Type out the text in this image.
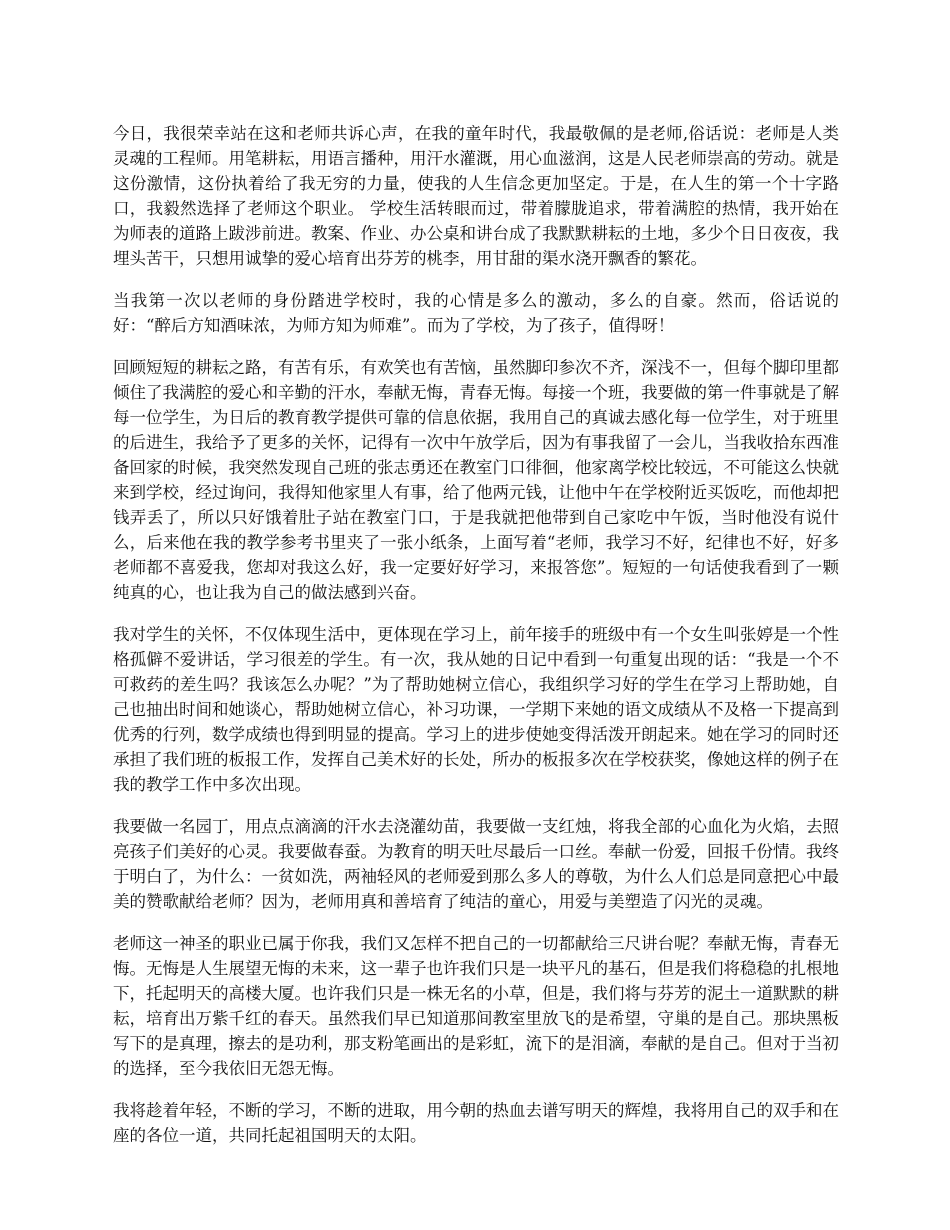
今日，我很荣幸站在这和老师共诉心声，在我的童年时代，我最敬佩的是老师,俗话说：老师是人类灵魂的工程师。用笔耕耘，用语言播种，用汗水灌溉，用心血滋润，这是人民老师崇高的劳动。就是这份激情，这份执着给了我无穷的力量，使我的人生信念更加坚定。于是，在人生的第一个十字路口，我毅然选择了老师这个职业。 学校生活转眼而过，带着朦胧追求，带着满腔的热情，我开始在为师表的道路上跋涉前进。教案、作业、办公桌和讲台成了我默默耕耘的土地，多少个日日夜夜，我埋头苦干，只想用诚挚的爱心培育出芬芳的桃李，用甘甜的渠水浇开飘香的繁花。

当我第一次以老师的身份踏进学校时，我的心情是多么的激动，多么的自豪。然而，俗话说的好：“醉后方知酒味浓，为师方知为师难”。而为了学校，为了孩子，值得呀！

回顾短短的耕耘之路，有苦有乐，有欢笑也有苦恼，虽然脚印参次不齐，深浅不一，但每个脚印里都倾住了我满腔的爱心和辛勤的汗水，奉献无悔，青春无悔。每接一个班，我要做的第一件事就是了解每一位学生，为日后的教育教学提供可靠的信息依据，我用自己的真诚去感化每一位学生，对于班里的后进生，我给予了更多的关怀，记得有一次中午放学后，因为有事我留了一会儿，当我收拾东西准备回家的时候，我突然发现自己班的张志勇还在教室门口徘徊，他家离学校比较远，不可能这么快就来到学校，经过询问，我得知他家里人有事，给了他两元钱，让他中午在学校附近买饭吃，而他却把钱弄丢了，所以只好饿着肚子站在教室门口，于是我就把他带到自己家吃中午饭，当时他没有说什么，后来他在我的教学参考书里夹了一张小纸条，上面写着“老师，我学习不好，纪律也不好，好多老师都不喜爱我，您却对我这么好，我一定要好好学习，来报答您”。短短的一句话使我看到了一颗纯真的心，也让我为自己的做法感到兴奋。

我对学生的关怀，不仅体现生活中，更体现在学习上，前年接手的班级中有一个女生叫张婷是一个性格孤僻不爱讲话，学习很差的学生。有一次，我从她的日记中看到一句重复出现的话：“我是一个不可救药的差生吗？我该怎么办呢？”为了帮助她树立信心，我组织学习好的学生在学习上帮助她，自己也抽出时间和她谈心，帮助她树立信心，补习功课，一学期下来她的语文成绩从不及格一下提高到优秀的行列，数学成绩也得到明显的提高。学习上的进步使她变得活泼开朗起来。她在学习的同时还承担了我们班的板报工作，发挥自己美术好的长处，所办的板报多次在学校获奖，像她这样的例子在我的教学工作中多次出现。

我要做一名园丁，用点点滴滴的汗水去浇灌幼苗，我要做一支红烛，将我全部的心血化为火焰，去照亮孩子们美好的心灵。我要做春蚕。为教育的明天吐尽最后一口丝。奉献一份爱，回报千份情。我终于明白了，为什么：一贫如洗，两袖轻风的老师爱到那么多人的尊敬，为什么人们总是同意把心中最美的赞歌献给老师？因为，老师用真和善培育了纯洁的童心，用爱与美塑造了闪光的灵魂。

老师这一神圣的职业已属于你我，我们又怎样不把自己的一切都献给三尺讲台呢？奉献无悔，青春无悔。无悔是人生展望无悔的未来，这一辈子也许我们只是一块平凡的基石，但是我们将稳稳的扎根地下，托起明天的高楼大厦。也许我们只是一株无名的小草，但是，我们将与芬芳的泥土一道默默的耕耘，培育出万紫千红的春天。虽然我们早已知道那间教室里放飞的是希望，守巢的是自己。那块黑板写下的是真理，擦去的是功利，那支粉笔画出的是彩虹，流下的是泪滴，奉献的是自己。但对于当初的选择，至今我依旧无怨无悔。

我将趁着年轻，不断的学习，不断的进取，用今朝的热血去谱写明天的辉煌，我将用自己的双手和在座的各位一道，共同托起祖国明天的太阳。
